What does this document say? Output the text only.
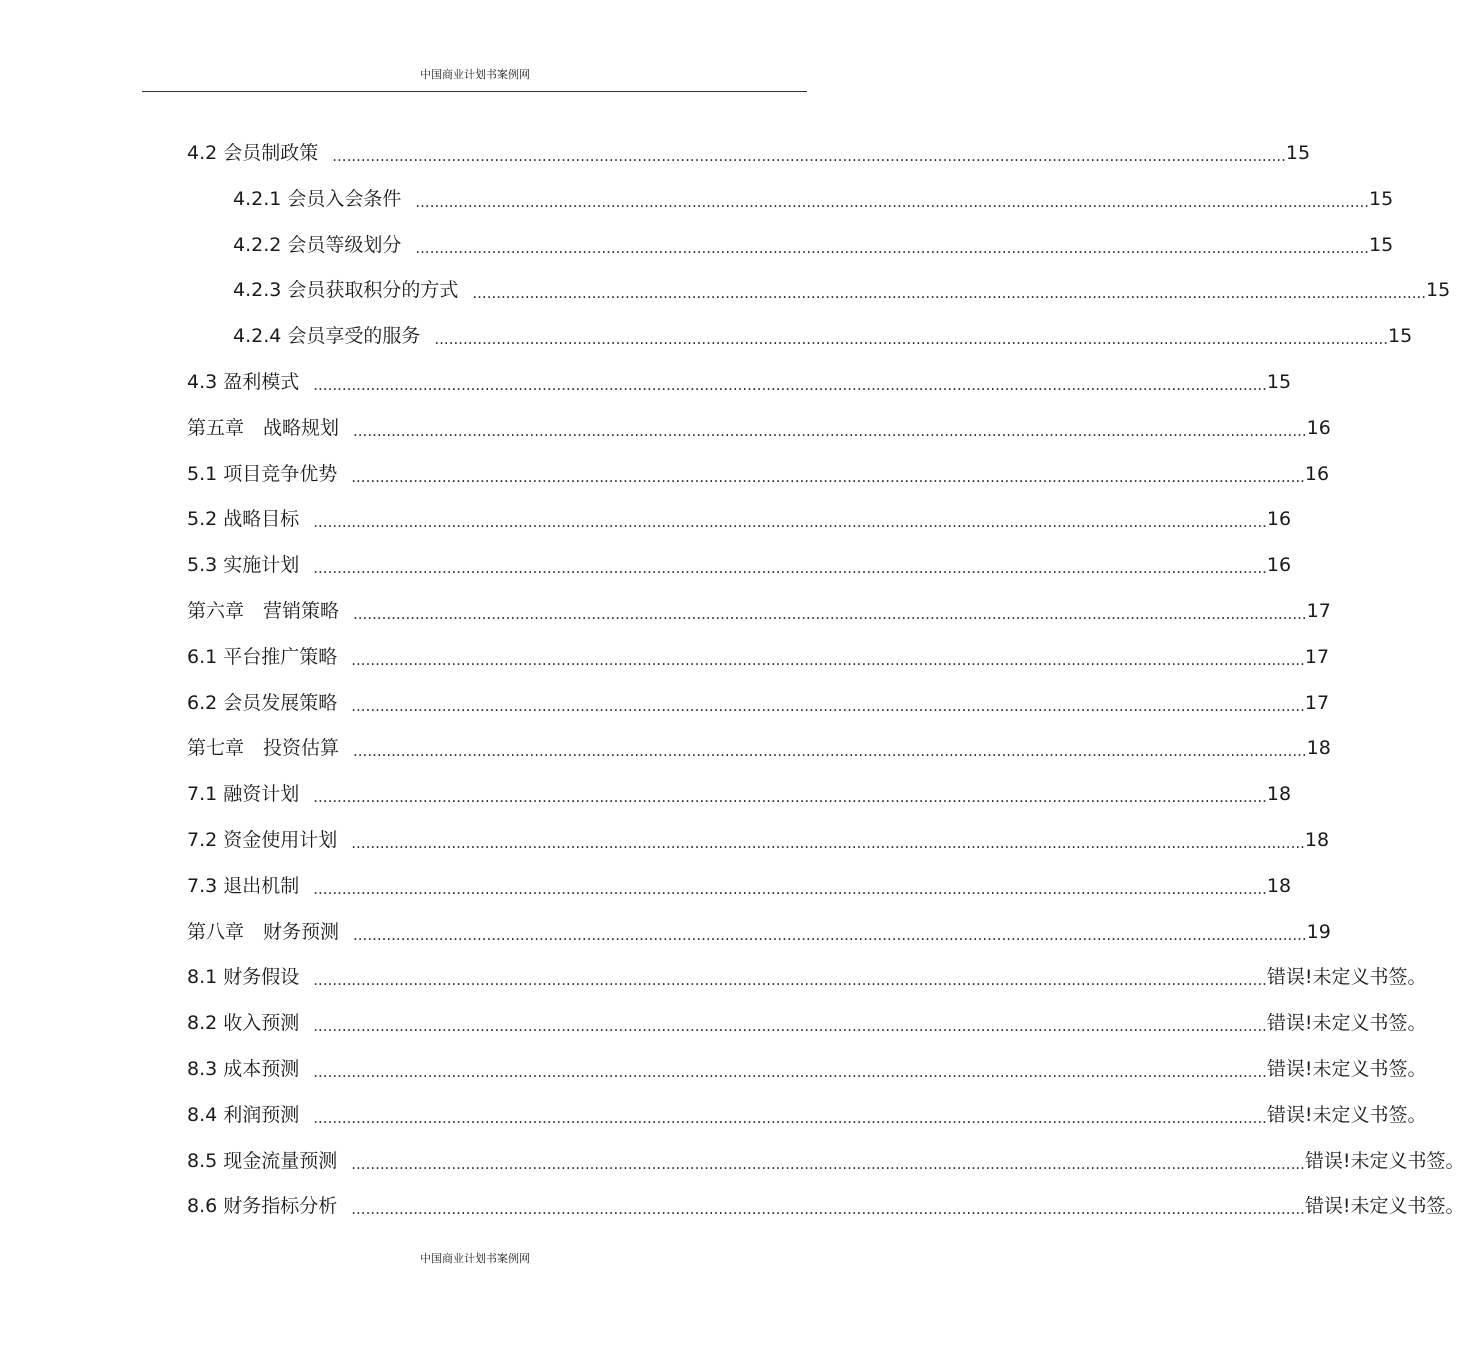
中国商业计划书案例网
4.2 会员制政策 ........................................................................................................................................................................................................ 15
4.2.1 会员入会条件 ........................................................................................................................................................................................................ 15
4.2.2 会员等级划分 ........................................................................................................................................................................................................ 15
4.2.3 会员获取积分的方式 ........................................................................................................................................................................................................ 15
4.2.4 会员享受的服务 ........................................................................................................................................................................................................ 15
4.3 盈利模式 ........................................................................................................................................................................................................ 15
第五章　战略规划 ........................................................................................................................................................................................................ 16
5.1 项目竞争优势 ........................................................................................................................................................................................................ 16
5.2 战略目标 ........................................................................................................................................................................................................ 16
5.3 实施计划 ........................................................................................................................................................................................................ 16
第六章　营销策略 ........................................................................................................................................................................................................ 17
6.1 平台推广策略 ........................................................................................................................................................................................................ 17
6.2 会员发展策略 ........................................................................................................................................................................................................ 17
第七章　投资估算 ........................................................................................................................................................................................................ 18
7.1 融资计划 ........................................................................................................................................................................................................ 18
7.2 资金使用计划 ........................................................................................................................................................................................................ 18
7.3 退出机制 ........................................................................................................................................................................................................ 18
第八章　财务预测 ........................................................................................................................................................................................................ 19
8.1 财务假设 ........................................................................................................................................................................................................ 错误!未定义书签。
8.2 收入预测 ........................................................................................................................................................................................................ 错误!未定义书签。
8.3 成本预测 ........................................................................................................................................................................................................ 错误!未定义书签。
8.4 利润预测 ........................................................................................................................................................................................................ 错误!未定义书签。
8.5 现金流量预测 ........................................................................................................................................................................................................ 错误!未定义书签。
8.6 财务指标分析 ........................................................................................................................................................................................................ 错误!未定义书签。
中国商业计划书案例网
